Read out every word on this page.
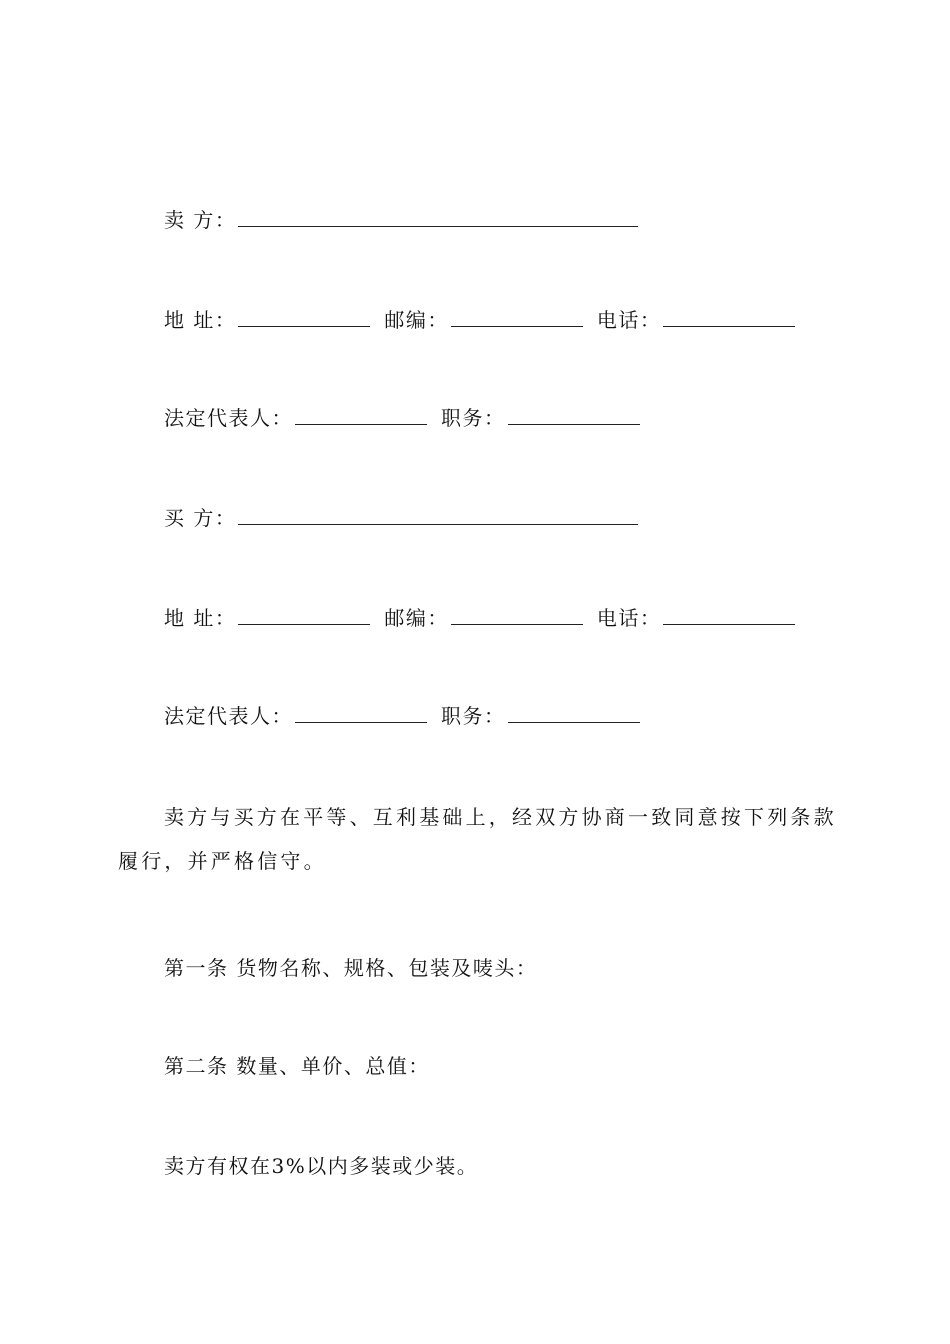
卖 方：
地 址：	邮编：	电话：
法定代表人：	职务：
买 方：
地 址：	邮编：	电话：
法定代表人：	职务：
卖方与买方在平等、互利基础上，经双方协商一致同意按下列条款履行，并严格信守。
第一条 货物名称、规格、包装及唛头：
第二条 数量、单价、总值：
卖方有权在3%以内多装或少装。
